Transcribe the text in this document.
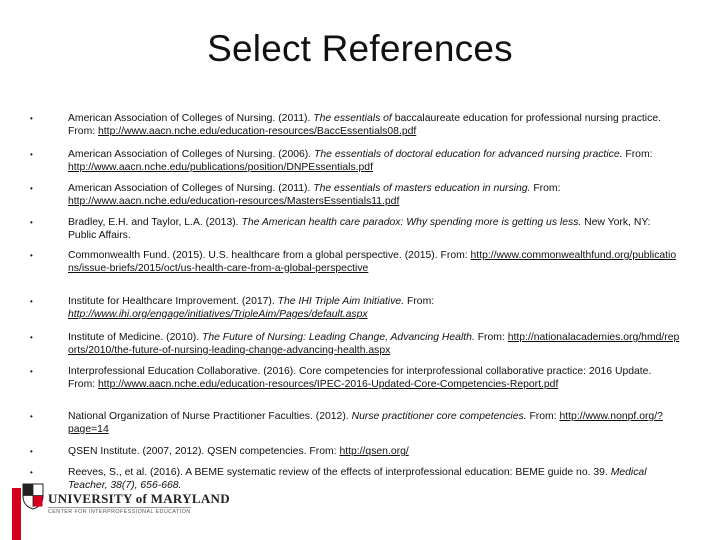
Select References
•	American Association of Colleges of Nursing. (2011). The essentials of baccalaureate education for professional nursing practice. From: http://www.aacn.nche.edu/education-resources/BaccEssentials08.pdf
•	American Association of Colleges of Nursing. (2006). The essentials of doctoral education for advanced nursing practice. From: http://www.aacn.nche.edu/publications/position/DNPEssentials.pdf
•	American Association of Colleges of Nursing. (2011). The essentials of masters education in nursing. From: http://www.aacn.nche.edu/education-resources/MastersEssentials11.pdf
•	Bradley, E.H. and Taylor, L.A. (2013). The American health care paradox: Why spending more is getting us less. New York, NY: Public Affairs.
•	Commonwealth Fund. (2015). U.S. healthcare from a global perspective. (2015). From: http://www.commonwealthfund.org/publications/issue-briefs/2015/oct/us-health-care-from-a-global-perspective
•	Institute for Healthcare Improvement. (2017). The IHI Triple Aim Initiative. From: http://www.ihi.org/engage/initiatives/TripleAim/Pages/default.aspx
•	Institute of Medicine. (2010). The Future of Nursing: Leading Change, Advancing Health. From: http://nationalacademies.org/hmd/reports/2010/the-future-of-nursing-leading-change-advancing-health.aspx
•	Interprofessional Education Collaborative. (2016). Core competencies for interprofessional collaborative practice: 2016 Update. From: http://www.aacn.nche.edu/education-resources/IPEC-2016-Updated-Core-Competencies-Report.pdf
•	National Organization of Nurse Practitioner Faculties. (2012). Nurse practitioner core competencies. From: http://www.nonpf.org/?page=14
•	QSEN Institute. (2007, 2012). QSEN competencies. From: http://qsen.org/
•	Reeves, S., et al. (2016). A BEME systematic review of the effects of interprofessional education: BEME guide no. 39. Medical Teacher, 38(7), 656-668.
UNIVERSITY of MARYLAND
CENTER FOR INTERPROFESSIONAL EDUCATION
